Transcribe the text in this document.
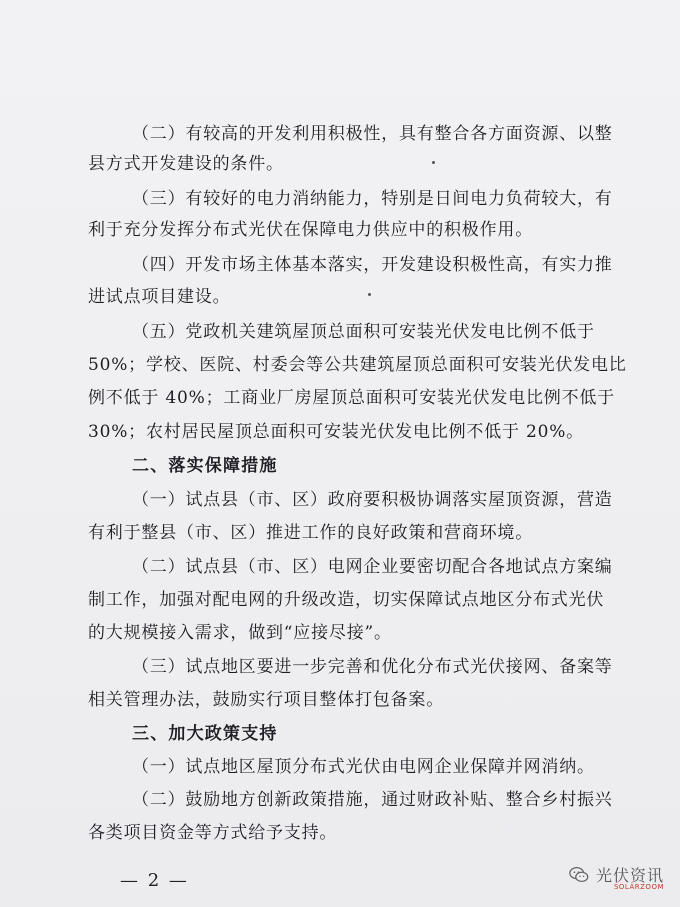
（二）有较高的开发利用积极性，具有整合各方面资源、以整
县方式开发建设的条件。
（三）有较好的电力消纳能力，特别是日间电力负荷较大，有
利于充分发挥分布式光伏在保障电力供应中的积极作用。
（四）开发市场主体基本落实，开发建设积极性高，有实力推
进试点项目建设。
（五）党政机关建筑屋顶总面积可安装光伏发电比例不低于
50%；学校、医院、村委会等公共建筑屋顶总面积可安装光伏发电比
例不低于 40%；工商业厂房屋顶总面积可安装光伏发电比例不低于
30%；农村居民屋顶总面积可安装光伏发电比例不低于 20%。
二、落实保障措施
（一）试点县（市、区）政府要积极协调落实屋顶资源，营造
有利于整县（市、区）推进工作的良好政策和营商环境。
（二）试点县（市、区）电网企业要密切配合各地试点方案编
制工作，加强对配电网的升级改造，切实保障试点地区分布式光伏
的大规模接入需求，做到“应接尽接”。
（三）试点地区要进一步完善和优化分布式光伏接网、备案等
相关管理办法，鼓励实行项目整体打包备案。
三、加大政策支持
（一）试点地区屋顶分布式光伏由电网企业保障并网消纳。
（二）鼓励地方创新政策措施，通过财政补贴、整合乡村振兴
各类项目资金等方式给予支持。
— 2 —	光伏资讯
SOLARZOOM
